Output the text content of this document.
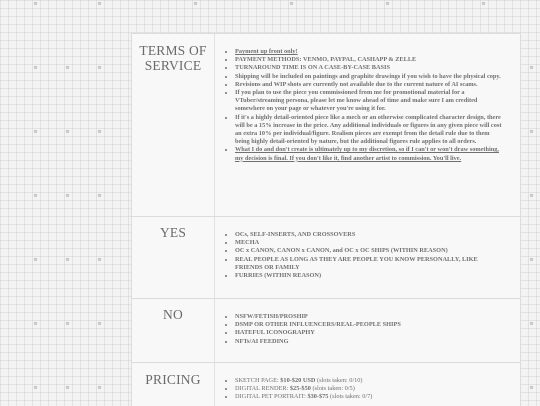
TERMS OF SERVICE
• Payment up front only!
• PAYMENT METHODS: VENMO, PAYPAL, CASHAPP & ZELLE
• TURNAROUND TIME IS ON A CASE-BY-CASE BASIS
• Shipping will be included on paintings and graphite drawings if you wish to have the physical copy.
• Revisions and WIP shots are currently not available due to the current nature of AI scams.
• If you plan to use the piece you commissioned from me for promotional material for a VTuber/streaming persona, please let me know ahead of time and make sure I am credited somewhere on your page or whatever you're using it for.
• If it's a highly detail-oriented piece like a mech or an otherwise complicated character design, there will be a 15% increase in the price. Any additional individuals or figures in any given piece will cost an extra 10% per individual/figure. Realism pieces are exempt from the detail rule due to them being highly detail-oriented by nature, but the additional figures rule applies to all orders.
• What I do and don't create is ultimately up to my discretion, so if I can't or won't draw something, my decision is final. If you don't like it, find another artist to commission. You'll live.
YES	• OCs, SELF-INSERTS, AND CROSSOVERS
• MECHA
• OC x CANON, CANON x CANON, and OC x OC SHIPS (WITHIN REASON)
• REAL PEOPLE AS LONG AS THEY ARE PEOPLE YOU KNOW PERSONALLY, LIKE FRIENDS OR FAMILY
• FURRIES (WITHIN REASON)
NO	• NSFW/FETISH/PROSHIP
• DSMP OR OTHER INFLUENCERS/REAL-PEOPLE SHIPS
• HATEFUL ICONOGRAPHY
• NFTs/AI FEEDING
PRICING	• SKETCH PAGE: $10-$20 USD (slots taken: 0/10)
• DIGITAL RENDER: $25-$50 (slots taken: 0/5)
• DIGITAL PET PORTRAIT: $30-$75 (slots taken: 0/7)
